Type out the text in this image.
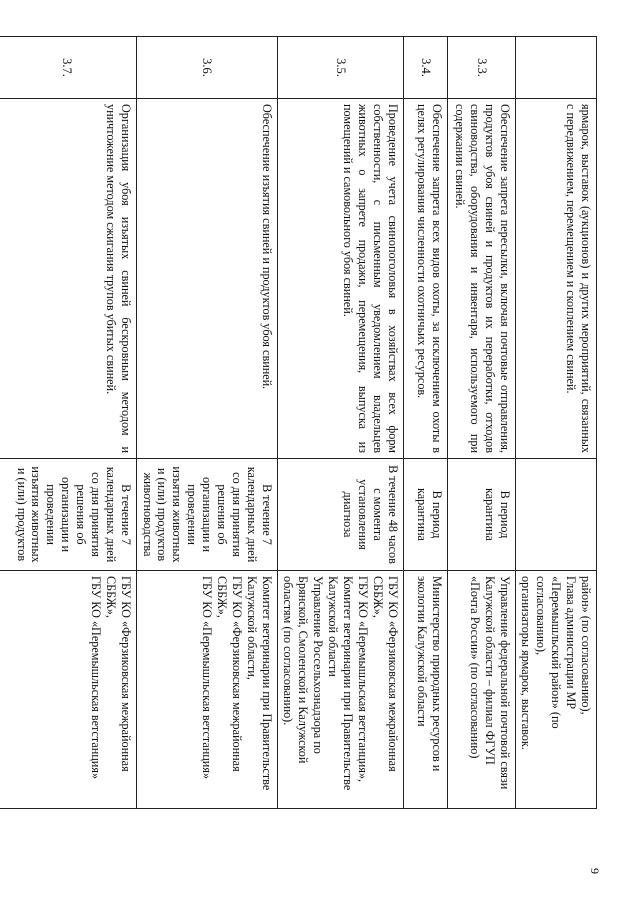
9
	ярмарок, выставок (аукционов) и других мероприятий, связанных с передвижением, перемещением и скоплением свиней.		район» (по согласованию),
Глава администрации МР «Перемышльский район» (по согласованию),
организаторы ярмарок, выставок.

3.3.	Обеспечение запрета пересылки, включая почтовые отправления, продуктов убоя свиней и продуктов их переработки, отходов свиноводства, оборудования и инвентаря, используемого при содержании свиней.	В период карантина	Управление федеральной почтовой связи Калужской области – филиал ФГУП «Почта России» (по согласованию)

3.4.	Обеспечение запрета всех видов охоты, за исключением охоты в целях регулирования численности охотничьих ресурсов.	В период карантина	Министерство природных ресурсов и экологии Калужской области

3.5.	Проведение учета свинопоголовья в хозяйствах всех форм собственности, с письменным уведомлением владельцев животных о запрете продажи, перемещения, выпуска из помещений и самовольного убоя свиней.	В течение 48 часов с момента установления диагноза	ГБУ КО «Ферзиковская межрайонная СББЖ»,
ГБУ КО «Перемышльская ветстанция»,
Комитет ветеринарии при Правительстве Калужской области
Управление Россельхознадзора по Брянской, Смоленской и Калужской областям (по согласованию).

3.6.	Обеспечение изъятия свиней и продуктов убоя свиней.	В течение 7 календарных дней со дня принятия решения об организации и проведении изъятия животных и (или) продуктов животноводства	Комитет ветеринарии при Правительстве Калужской области,
ГБУ КО «Ферзиковская межрайонная СББЖ»,
ГБУ КО «Перемышльская ветстанция»

3.7.	Организация убоя изъятых свиней бескровным методом и уничтожение методом сжигания трупов убитых свиней.	В течение 7 календарных дней со дня принятия решения об организации и проведении изъятия животных и (или) продуктов	ГБУ КО «Ферзиковская межрайонная СББЖ»,
ГБУ КО «Перемышльская ветстанция»
